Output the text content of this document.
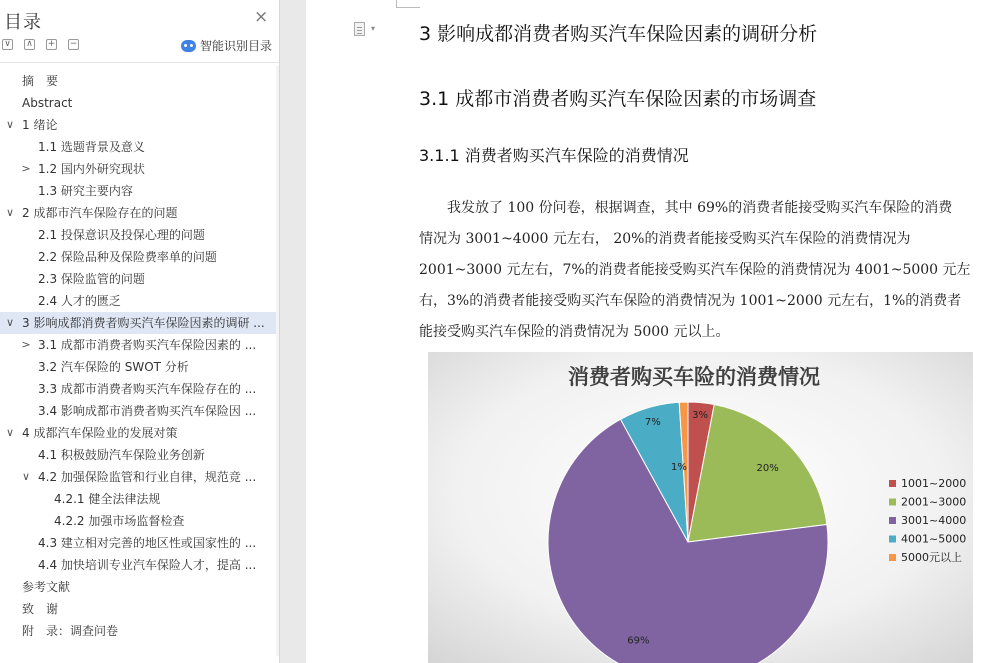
目录	×
∨ ∧ + −	智能识别目录
摘　要
Abstract
∨ 1 绪论
1.1 选题背景及意义
> 1.2 国内外研究现状
1.3 研究主要内容
∨ 2 成都市汽车保险存在的问题
2.1 投保意识及投保心理的问题
2.2 保险品种及保险费率单的问题
2.3 保险监管的问题
2.4 人才的匮乏
∨ 3 影响成都消费者购买汽车保险因素的调研 ...
> 3.1 成都市消费者购买汽车保险因素的 ...
3.2 汽车保险的 SWOT 分析
3.3 成都市消费者购买汽车保险存在的 ...
3.4 影响成都市消费者购买汽车保险因 ...
∨ 4 成都汽车保险业的发展对策
4.1 积极鼓励汽车保险业务创新
∨ 4.2 加强保险监管和行业自律，规范竞 ...
4.2.1 健全法律法规
4.2.2 加强市场监督检查
4.3 建立相对完善的地区性或国家性的 ...
4.4 加快培训专业汽车保险人才，提高 ...
参考文献
致　谢
附　录：调查问卷
▾ 3 影响成都消费者购买汽车保险因素的调研分析
3.1 成都市消费者购买汽车保险因素的市场调查
3.1.1 消费者购买汽车保险的消费情况
　　我发放了 100 份问卷，根据调查，其中 69%的消费者能接受购买汽车保险的消费
情况为 3001~4000 元左右， 20%的消费者能接受购买汽车保险的消费情况为
2001~3000 元左右，7%的消费者能接受购买汽车保险的消费情况为 4001~5000 元左
右，3%的消费者能接受购买汽车保险的消费情况为 1001~2000 元左右，1%的消费者
能接受购买汽车保险的消费情况为 5000 元以上。
消费者购买车险的消费情况
3%
20%
69%
7%
1%
1001~2000
2001~3000
3001~4000
4001~5000
5000元以上
